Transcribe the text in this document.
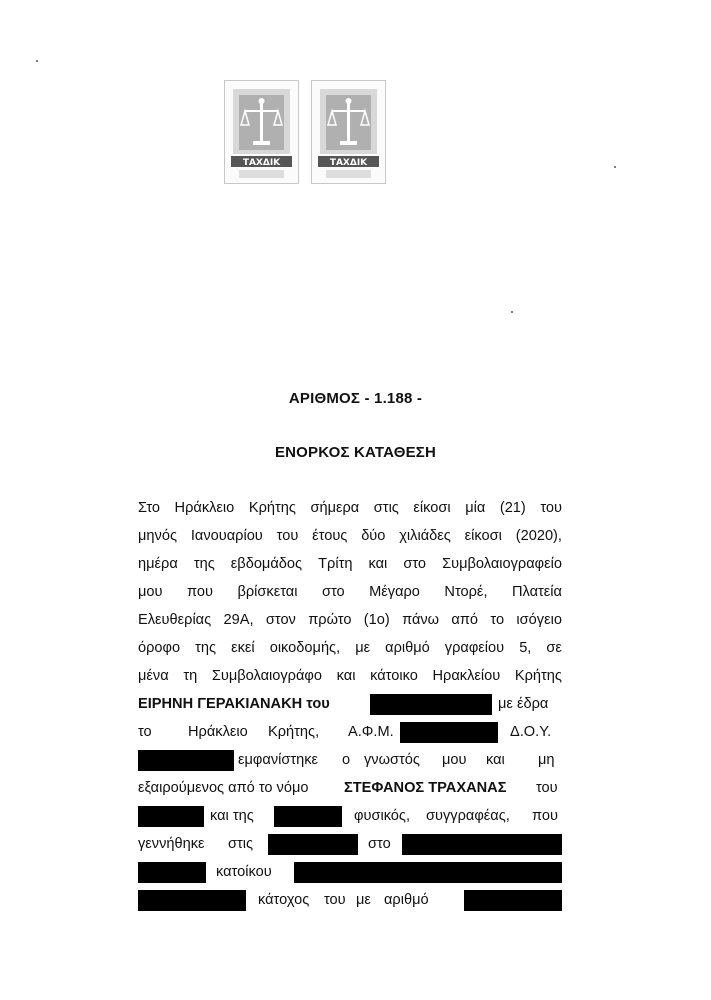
ΤΑΧΔΙΚ	ΤΑΧΔΙΚ
ΑΡΙΘΜΟΣ - 1.188 -
ΕΝΟΡΚΟΣ ΚΑΤΑΘΕΣΗ
Στο Ηράκλειο Κρήτης σήμερα στις είκοσι μία (21) του
μηνός Ιανουαρίου του έτους δύο χιλιάδες είκοσι (2020),
ημέρα της εβδομάδος Τρίτη και στο Συμβολαιογραφείο
μου που βρίσκεται στο Μέγαρο Ντορέ, Πλατεία
Ελευθερίας 29Α, στον πρώτο (1ο) πάνω από το ισόγειο
όροφο της εκεί οικοδομής, με αριθμό γραφείου 5, σε
μένα τη Συμβολαιογράφο και κάτοικο Ηρακλείου Κρήτης
ΕΙΡΗΝΗ ΓΕΡΑΚΙΑΝΑΚΗ του	με έδρα
το Ηράκλειο Κρήτης, Α.Φ.Μ.	Δ.Ο.Υ.
εμφανίστηκε ο γνωστός μου και μη
εξαιρούμενος από το νόμο ΣΤΕΦΑΝΟΣ ΤΡΑΧΑΝΑΣ του
και της	φυσικός, συγγραφέας, που
γεννήθηκε στις	στο
κατοίκου
κάτοχος του με αριθμό
